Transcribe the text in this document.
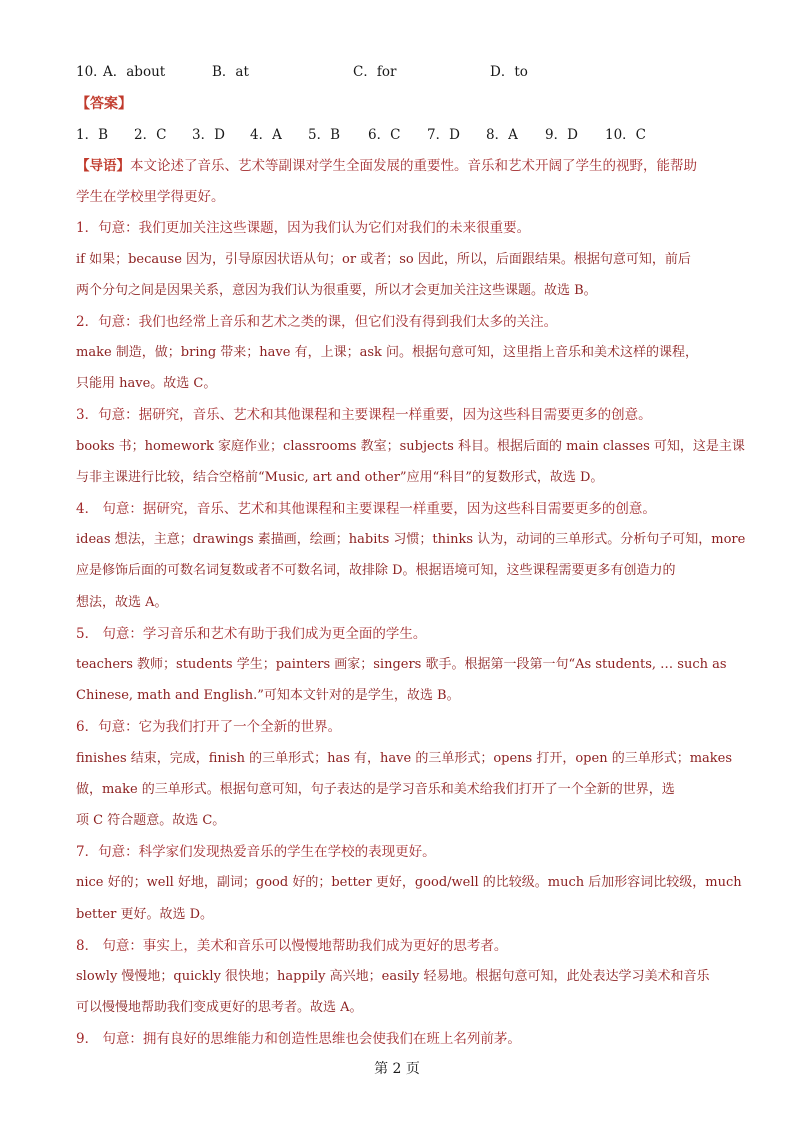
10．
A．about	B．at	C．for	D．to
【答案】
1．B 2．C 3．D 4．A 5．B 6．C 7．D 8．A 9．D 10．C
【导语】本文论述了音乐、艺术等副课对学生全面发展的重要性。音乐和艺术开阔了学生的视野，能帮助
学生在学校里学得更好。
1．句意：我们更加关注这些课题，因为我们认为它们对我们的未来很重要。
if 如果；because 因为，引导原因状语从句；or 或者；so 因此，所以，后面跟结果。根据句意可知，前后
两个分句之间是因果关系，意因为我们认为很重要，所以才会更加关注这些课题。故选 B。
2．句意：我们也经常上音乐和艺术之类的课，但它们没有得到我们太多的关注。
make 制造，做；bring 带来；have 有，上课；ask 问。根据句意可知，这里指上音乐和美术这样的课程，
只能用 have。故选 C。
3．句意：据研究，音乐、艺术和其他课程和主要课程一样重要，因为这些科目需要更多的创意。
books 书；homework 家庭作业；classrooms 教室；subjects 科目。根据后面的 main classes 可知，这是主课
与非主课进行比较，结合空格前“Music, art and other”应用“科目”的复数形式，故选 D。
4． 句意：据研究，音乐、艺术和其他课程和主要课程一样重要，因为这些科目需要更多的创意。
ideas 想法，主意；drawings 素描画，绘画；habits 习惯；thinks 认为，动词的三单形式。分析句子可知，more
应是修饰后面的可数名词复数或者不可数名词，故排除 D。根据语境可知，这些课程需要更多有创造力的
想法，故选 A。
5． 句意：学习音乐和艺术有助于我们成为更全面的学生。
teachers 教师；students 学生；painters 画家；singers 歌手。根据第一段第一句“As students, … such as
Chinese, math and English.”可知本文针对的是学生，故选 B。
6．句意：它为我们打开了一个全新的世界。
finishes 结束，完成，finish 的三单形式；has 有，have 的三单形式；opens 打开，open 的三单形式；makes
做，make 的三单形式。根据句意可知，句子表达的是学习音乐和美术给我们打开了一个全新的世界，选
项 C 符合题意。故选 C。
7．句意：科学家们发现热爱音乐的学生在学校的表现更好。
nice 好的；well 好地，副词；good 好的；better 更好，good/well 的比较级。much 后加形容词比较级，much
better 更好。故选 D。
8． 句意：事实上，美术和音乐可以慢慢地帮助我们成为更好的思考者。
slowly 慢慢地；quickly 很快地；happily 高兴地；easily 轻易地。根据句意可知，此处表达学习美术和音乐
可以慢慢地帮助我们变成更好的思考者。故选 A。
9． 句意：拥有良好的思维能力和创造性思维也会使我们在班上名列前茅。
第 2 页
